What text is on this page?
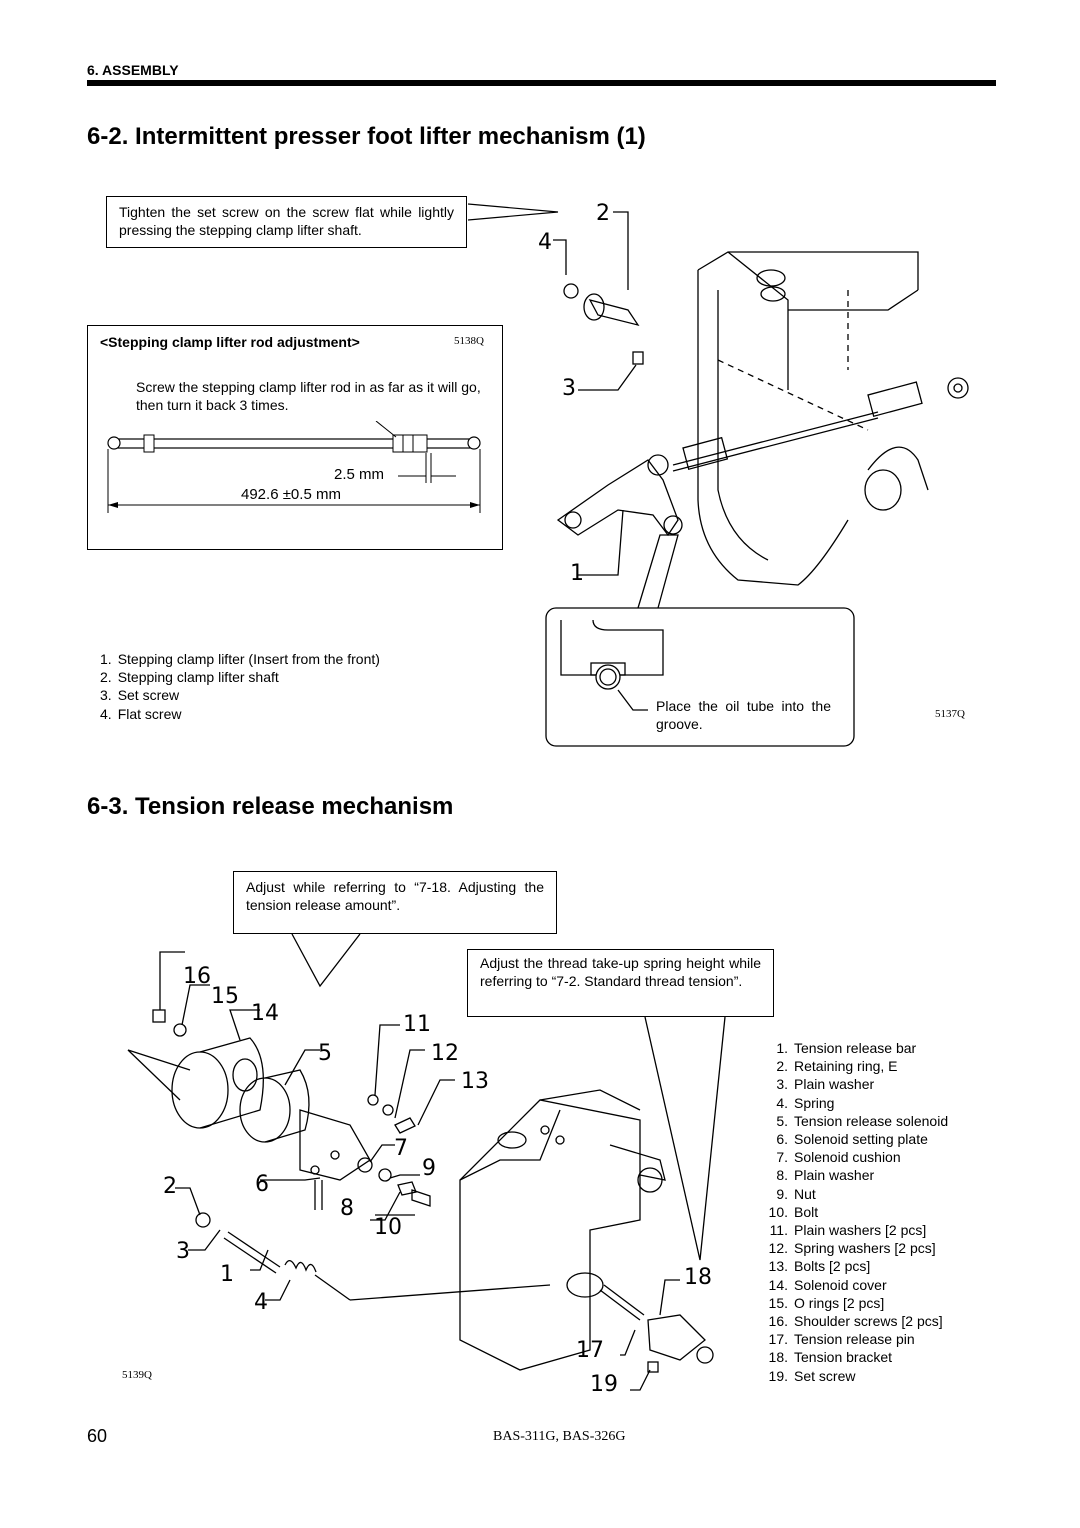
6. ASSEMBLY
6-2. Intermittent presser foot lifter mechanism (1)
Tighten the set screw on the screw flat while lightly pressing the stepping clamp lifter shaft.
<Stepping clamp lifter rod adjustment>	5138Q
Screw the stepping clamp lifter rod in as far as it will go, then turn it back 3 times.
2.5 mm
492.6 ±0.5 mm
1. Stepping clamp lifter (Insert from the front)
2. Stepping clamp lifter shaft
3. Set screw
4. Flat screw
2
4
3
1
Place the oil tube into the groove.
5137Q
6-3. Tension release mechanism
Adjust while referring to “7-18. Adjusting the tension release amount”.
Adjust the thread take-up spring height while referring to “7-2. Standard thread tension”.
16
15
14	11
5	12
13
7
9
2	6
8
10
3
1	18
4
17
19
5139Q
1. Tension release bar
2. Retaining ring, E
3. Plain washer
4. Spring
5. Tension release solenoid
6. Solenoid setting plate
7. Solenoid cushion
8. Plain washer
9. Nut
10. Bolt
11. Plain washers [2 pcs]
12. Spring washers [2 pcs]
13. Bolts [2 pcs]
14. Solenoid cover
15. O rings [2 pcs]
16. Shoulder screws [2 pcs]
17. Tension release pin
18. Tension bracket
19. Set screw
60	BAS-311G, BAS-326G
